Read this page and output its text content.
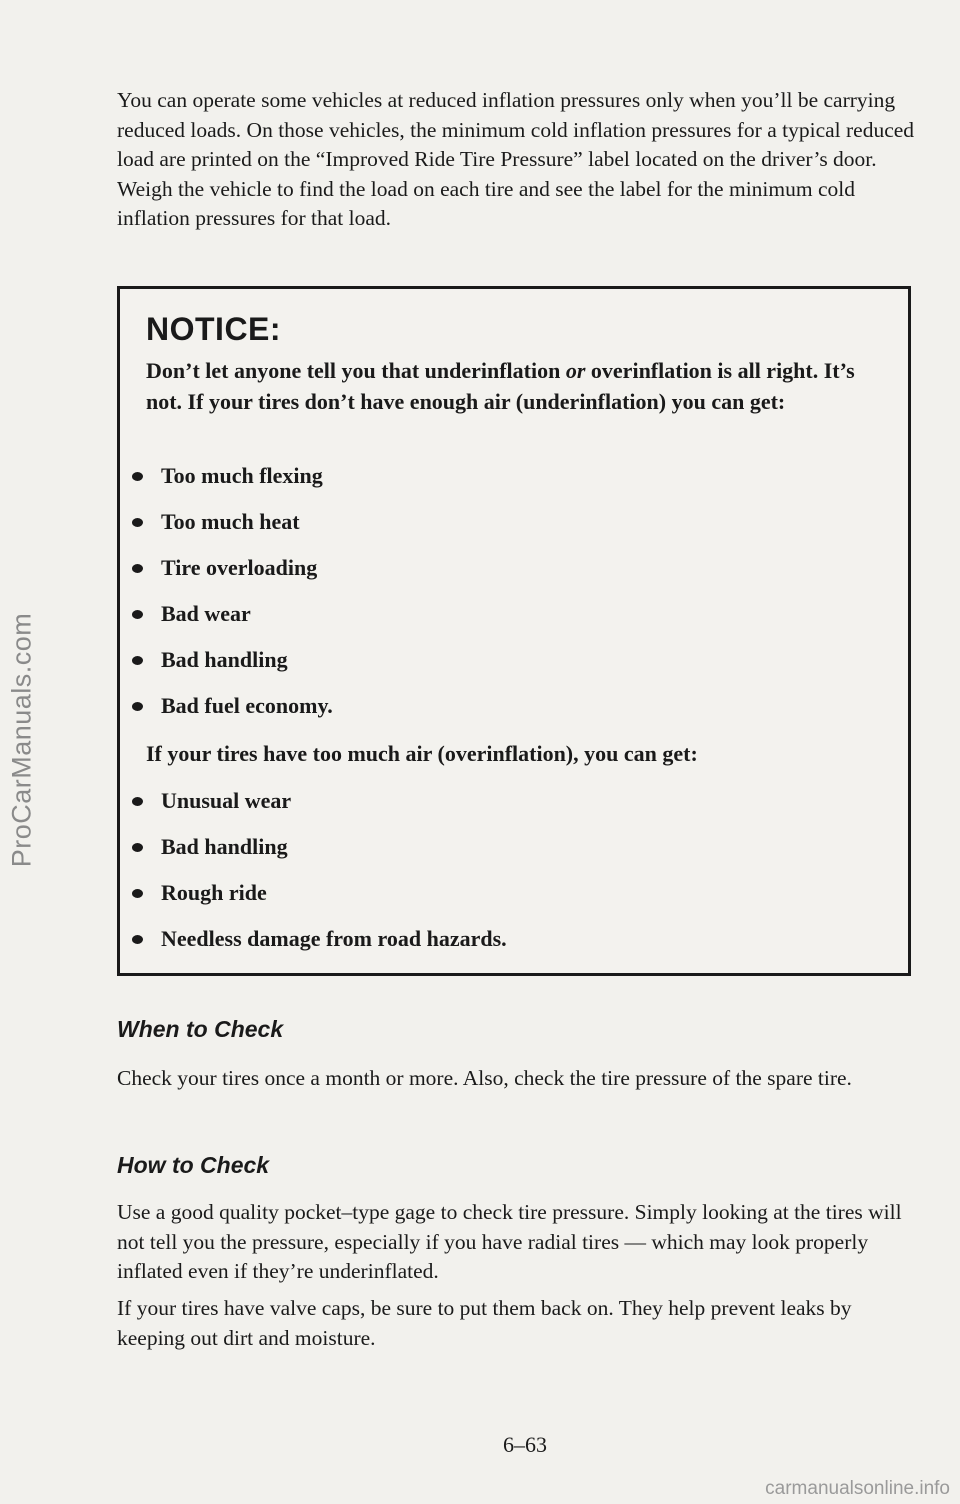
ProCarManuals.com
carmanualsonline.info

You can operate some vehicles at reduced inflation pressures only when you’ll be carrying reduced loads. On those vehicles, the minimum cold inflation pressures for a typical reduced load are printed on the “Improved Ride Tire Pressure” label located on the driver’s door. Weigh the vehicle to find the load on each tire and see the label for the minimum cold inflation pressures for that load.

NOTICE:
Don’t let anyone tell you that underinflation or overinflation is all right. It’s not. If your tires don’t have enough air (underinflation) you can get:
Too much flexing
Too much heat
Tire overloading
Bad wear
Bad handling
Bad fuel economy.
If your tires have too much air (overinflation), you can get:
Unusual wear
Bad handling
Rough ride
Needless damage from road hazards.
When to Check

Check your tires once a month or more. Also, check the tire pressure of the spare tire.

How to Check

Use a good quality pocket–type gage to check tire pressure. Simply looking at the tires will not tell you the pressure, especially if you have radial tires — which may look properly inflated even if they’re underinflated.

If your tires have valve caps, be sure to put them back on. They help prevent leaks by keeping out dirt and moisture.

6–63
